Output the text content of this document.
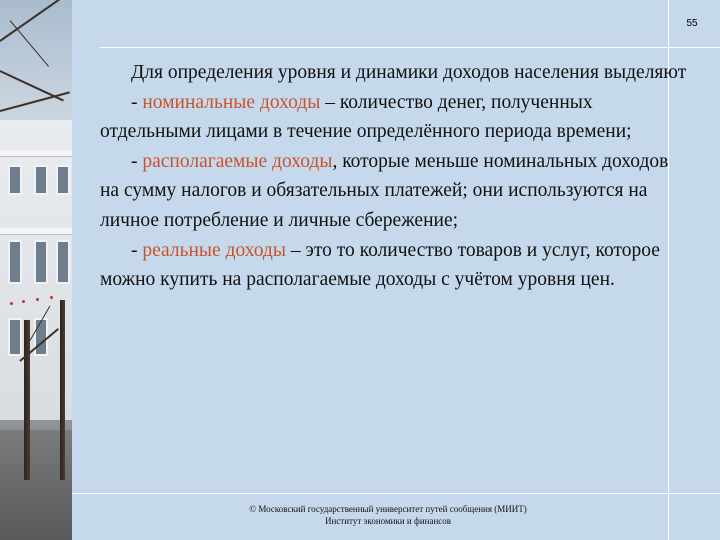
55

Для определения уровня и динамики доходов населения выделяют

- номинальные доходы – количество денег, полученных отдельными лицами в течение определённого периода времени;

- располагаемые доходы, которые меньше номинальных доходов на сумму налогов и обязательных платежей; они используются на личное потребление и личные сбережение;

- реальные доходы – это то количество товаров и услуг, которое можно купить на располагаемые доходы с учётом уровня цен.

© Московский государственный университет путей сообщения (МИИТ)
Институт экономики и финансов
